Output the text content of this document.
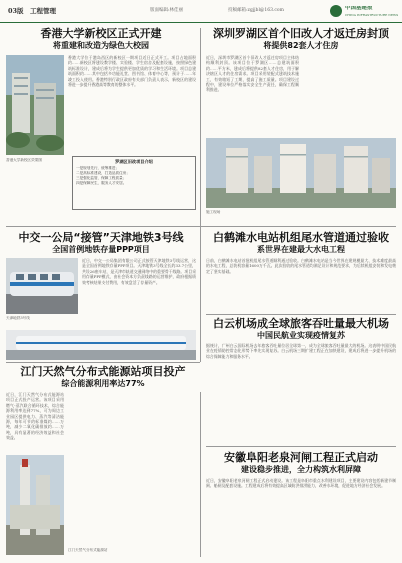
03版　工程管理	版面编辑:林佳丽	投稿邮箱:zgjjbl@163.com	中国基建报
CHINA INFRASTRUCTURE NEWS
香港大学新校区正式开建
将重建和改造为绿色大校园
香港大学位于港岛西区的新校区一期项目近日正式开工。项目占地面积约……新校区将建设教学楼、实验楼、学生宿舍及配套设施，按照绿色建筑标准设计，建成后将为学生提供更加优质的学习和生活环境。项目总建筑面积约……其中包括多功能礼堂、图书馆、体育中心等，预计于……年竣工投入使用。香港特别行政区政府有关部门负责人表示，新校区的建设将进一步提升香港高等教育的整体水平。
香港大学新校区效果图
深圳罗湖区首个旧改人才返迁房封顶
将提供82套人才住房
近日，深圳市罗湖区首个旧改人才返迁房项目主体结构顺利封顶。该项目位于罗湖区……总建筑面积约……平方米，建成后将提供82套人才住房，用于解决辖区人才的住房需求。项目采用装配式建筑技术施工，有效缩短了工期，提高了施工质量。项目建设过程中，建设单位严格落实安全生产责任，确保工程顺利推进。
施工现场
罗湖区旧改项目介绍
一是规划先行，统筹推进；
二是高标准建设，打造品质住房；
三是强化监管，保障工程质量；
四是保障民生，服务人才安居。
中交一公局“接管”天津地铁3号线
全国首例地铁存量PPP项目
近日，中交一公局集团有限公司正式接管天津地铁3号线运营，这是全国首例地铁存量PPP项目。天津地铁3号线全长约33.7公里，共设26座车站，是天津市轨道交通网络中的重要骨干线路。项目采用存量PPP模式，由社会资本方负责线路的运营维护，政府根据绩效考核结果支付费用，有效盘活了存量资产。
天津地铁3号线
白鹤滩水电站机组尾水管道通过验收
系世界在建最大水电工程
日前，白鹤滩水电站首批机组尾水管道顺利通过验收。白鹤滩水电站是当今世界在建规模最大、技术难度最高的水电工程，总装机容量1600万千瓦。此次验收的尾水管道均满足设计和规范要求，为后续机组安装和发电奠定了坚实基础。
白云机场成全球旅客吞吐量最大机场
中国民航业实现疫情复苏
据统计，广州白云国际机场去年旅客吞吐量位居全球第一，成为全球旅客吞吐量最大的机场。这表明中国民航业在疫情防控常态化形势下率先实现复苏。白云机场三期扩建工程正在加快建设，建成后将进一步提升机场的综合保障能力和服务水平。
江门天然气分布式能源站项目投产
综合能源利用率达77%
近日，江门天然气分布式能源站项目正式投产运营。该项目采用燃气-蒸汽联合循环技术，综合能源利用率达到77%，可为周边工业园区提供电力、蒸汽等清洁能源，每年可节约标准煤约……万吨，减少二氧化碳排放约……万吨，具有显著的经济效益和社会效益。
江门天然气分布式能源站
安徽阜阳老泉河闸工程正式启动
建设稳步推进，全力构筑水利屏障
近日，安徽阜阳老泉河闸工程正式启动建设。该工程是阜阳市重点水利建设项目，主要建设内容包括新建节制闸、船闸及配套设施。工程建成后将有效提高区域防洪排涝能力，改善水环境，促进地方经济社会发展。
